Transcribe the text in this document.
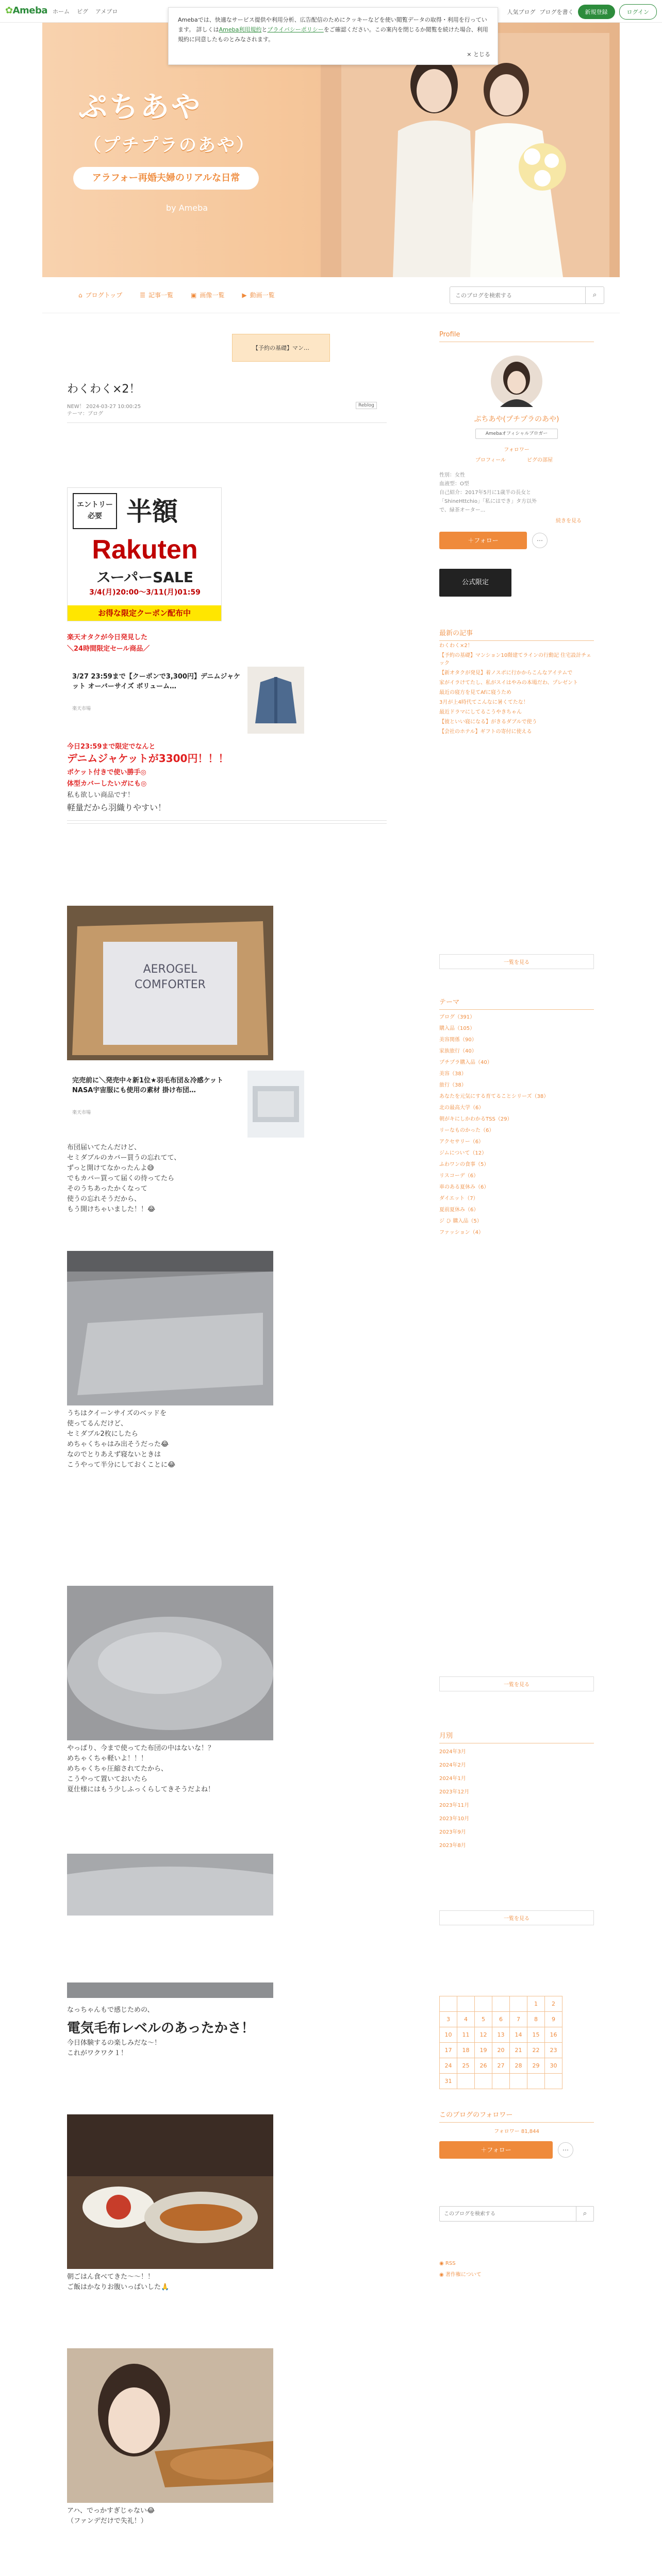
✿Ameba ホーム ピグ アメブロ	人気ブログ ブログを書く	新規登録	ログイン
Amebaでは、快適なサービス提供や利用分析、広告配信のためにクッキーなどを使い閲覧データの取得・利用を行っています。 詳しくはAmeba利用規約とプライバシーポリシーをご確認ください。この案内を閉じるか閲覧を続けた場合、利用規約に同意したものとみなされます。
× とじる
ぷちあや
（プチプラのあや）
アラフォー再婚夫婦のリアルな日常
by Ameba
⌂ ブログトップ	☰ 記事一覧	▣ 画像一覧	▶ 動画一覧
このブログを検索する	⌕
【予約の基礎】マン…
わくわく×2！
NEW！ 2024-03-27 10:00:25
テーマ：ブログ
Reblog
エントリー
必要 半額
Rakuten
スーパーSALE
3/4(月)20:00～3/11(月)01:59
お得な限定クーポン配布中
楽天オタクが今日発見した
＼24時間限定セール商品／
3/27 23:59まで【クーポンで3,300円】デニムジャケット オーバーサイズ ボリューム…
楽天市場
今日23:59まで限定でなんと
デニムジャケットが3300円！！！
ポケット付きで使い勝手◎
体型カバーしたいガにも◎
私も欲しい商品です！
軽量だから羽織りやすい！
AEROGEL
COMFORTER
完売前に＼発売中々新1位★羽毛布団＆冷感ケットNASA宇宙服にも使用の素材 掛け布団…
楽天市場
布団届いてたんだけど、
セミダブルのカバー買うの忘れてて、
ずっと開けてなかったんよ😅
でもカバー買って届くの待ってたら
そのうちあったかくなって
使うの忘れそうだから、
もう開けちゃいました！！😂
うちはクイーンサイズのベッドを
使ってるんだけど、
セミダブル2枚にしたら
めちゃくちゃはみ出そうだった😂
なのでとりあえず寝ないときは
こうやって半分にしておくことに😂
やっぱり、今まで使ってた布団の中はないな！？
めちゃくちゃ軽いよ！！！
めちゃくちゃ圧縮されてたから、
こうやって置いておいたら
夏仕様にはもう少しふっくらしてきそうだよね！
なっちゃんもで感じための、
電気毛布レベルのあったかさ！
今日体験するの楽しみだな〜！
これがワクワク１！
朝ごはん食べてきた〜〜！！
ご飯はかなりお腹いっぱいした🙏
アハ、でっかすぎじゃない😂
（ファンデだけで失礼！）
Profile
ぷちあや(プチプラのあや)
Amebaオフィシャルブロガー
フォロワー
プロフィール	ピグの部屋
性別：女性
血液型：O型
自己紹介：2017年5月に1歳半の長女と
「ShineHttchio」「私にはでき」タ方以外
で、緑茶オーター...
続きを見る
＋フォロー	⋯
公式限定
最新の記事
わくわく×2！
【予約の基礎】マンション10階建てラインの行動記 住宅設計チェック
【新オタクが発見】着ノスポに行かからこんなアイテムで
家がイラけてたし、私がスイはやみの本場だわ、プレゼント
最近の寝方を見てAfに寝うため
3月が上4時代てこんなに暑くてたな！
最近ドラマにしてるこうやきちゃん
【彼といい寝になる】がきるダブルで使う
【会社のホテル】ギフトの寄付に使える
一覧を見る
テーマ
ブログ（391）
購入品（105）
美容関係（90）
家族旅行（40）
プチプラ購入品（40）
美容（38）
旅行（38）
あなたを元気にする育てることシリーズ（38）
北の最高大学（6）
朝がキにしかわかるTSS（29）
リーなものかった（6）
アクセサリー（6）
ジムについて（12）
ふわワンの食事（5）
リスコーデ（6）
車のある夏休み（6）
ダイエット（7）
夏前夏休み（6）
ジ ひ 購入品（5）
ファッション（4）
一覧を見る
月別
2024年3月
2024年2月
2024年1月
2023年12月
2023年11月
2023年10月
2023年9月
2023年8月
一覧を見る
					1	2
3	4	5	6	7	8	9
10	11	12	13	14	15	16
17	18	19	20	21	22	23
24	25	26	27	28	29	30
31						
このブログのフォロワー
フォロワー 81,844
＋フォロー	⋯
このブログを検索する
⌕
◉ RSS
◉ 著作権について
